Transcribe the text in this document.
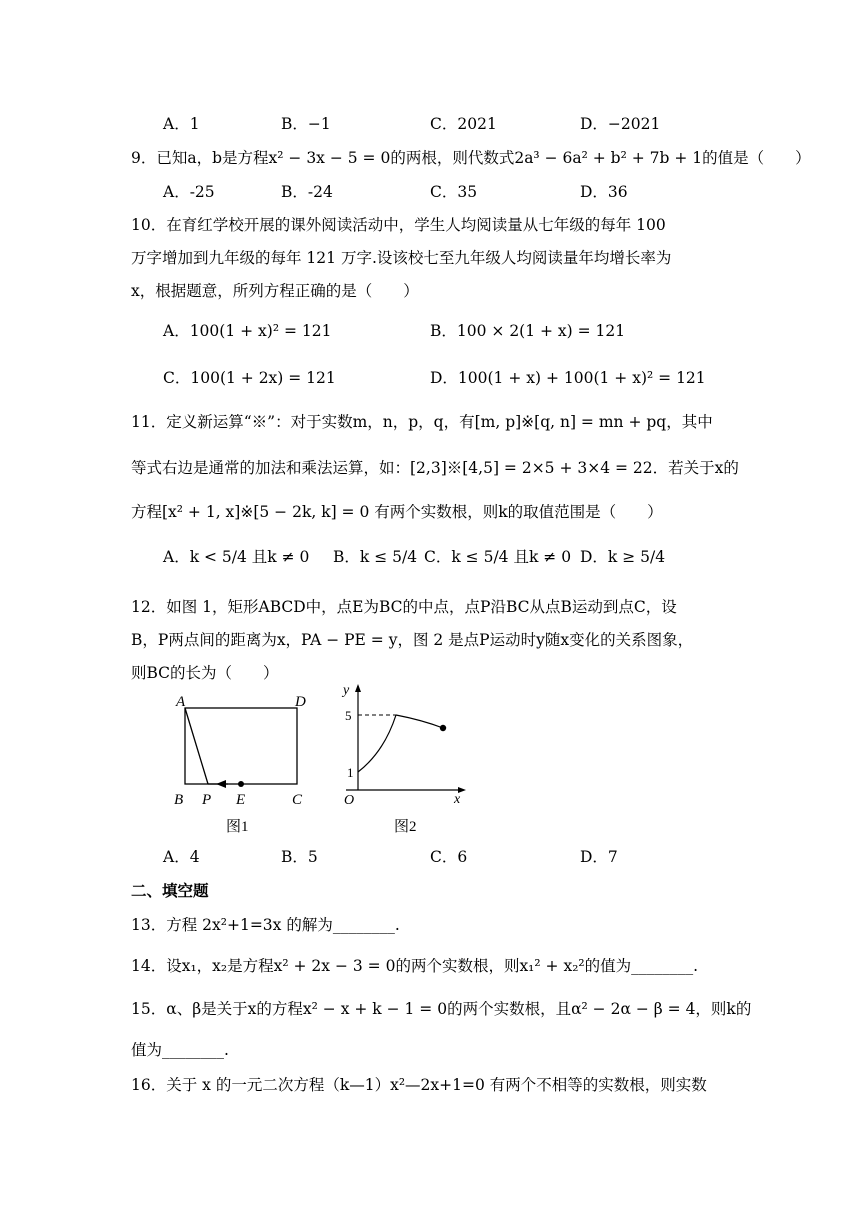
A．1	B．−1	C．2021	D．−2021
9．已知a，b是方程x² − 3x − 5 = 0的两根，则代数式2a³ − 6a² + b² + 7b + 1的值是（　　）
A．-25	B．-24	C．35	D．36
10．在育红学校开展的课外阅读活动中，学生人均阅读量从七年级的每年 100
万字增加到九年级的每年 121 万字.设该校七至九年级人均阅读量年均增长率为
x，根据题意，所列方程正确的是（　　）
A．100(1 + x)² = 121	B．100 × 2(1 + x) = 121
C．100(1 + 2x) = 121	D．100(1 + x) + 100(1 + x)² = 121
11．定义新运算“※”：对于实数m，n，p，q，有[m, p]※[q, n] = mn + pq，其中
等式右边是通常的加法和乘法运算，如：[2,3]※[4,5] = 2×5 + 3×4 = 22．若关于x的
方程[x² + 1, x]※[5 − 2k, k] = 0 有两个实数根，则k的取值范围是（　　）
A．k < 5/4 且k ≠ 0 B．k ≤ 5/4 C．k ≤ 5/4 且k ≠ 0 D．k ≥ 5/4
12．如图 1，矩形ABCD中，点E为BC的中点，点P沿BC从点B运动到点C，设
B，P两点间的距离为x，PA − PE = y，图 2 是点P运动时y随x变化的关系图象，
则BC的长为（　　）
A	D
B P E	C
图1
y
x
O
5
1
图2
A．4	B．5	C．6	D．7
二、填空题
13．方程 2x²+1=3x 的解为________.
14．设x₁，x₂是方程x² + 2x − 3 = 0的两个实数根，则x₁² + x₂²的值为________.
15．α、β是关于x的方程x² − x + k − 1 = 0的两个实数根，且α² − 2α − β = 4，则k的
值为________.
16．关于 x 的一元二次方程（k—1）x²—2x+1=0 有两个不相等的实数根，则实数
